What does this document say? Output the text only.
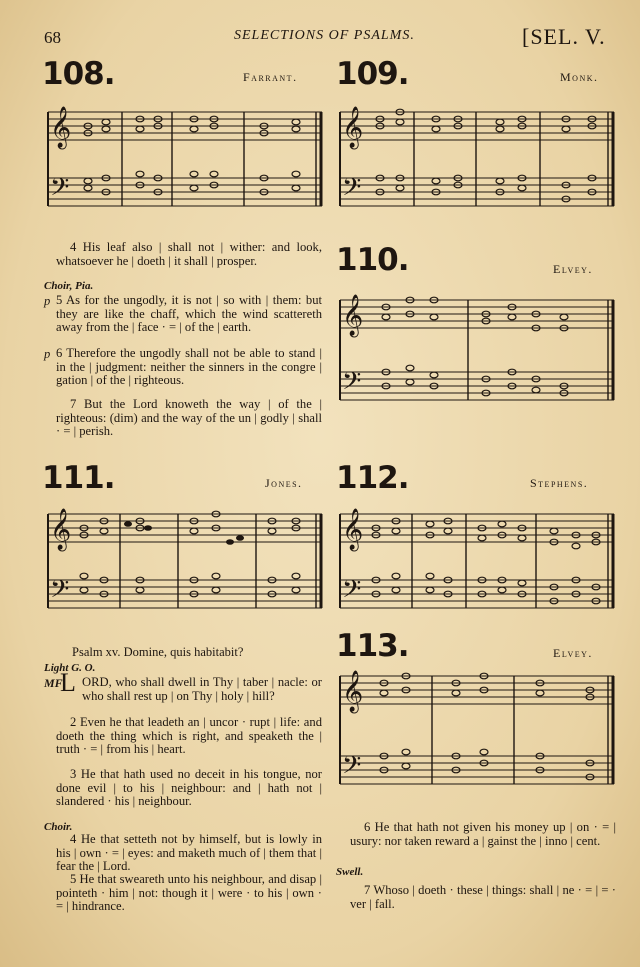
68	SELECTIONS OF PSALMS.	[SEL. V.
108.	Farrant.
𝄞
𝄢
109.	Monk.
𝄞
𝄢

4 His leaf also | shall not | wither: and look, whatsoever he | doeth | it shall | prosper.

Choir, Pia.
p 5 As for the ungodly, it is not | so with | them: but they are like the chaff, which the wind scattereth away from the | face · = | of the | earth.
p 6 Therefore the ungodly shall not be able to stand | in the | judgment: neither the sinners in the congre | gation | of the | righteous.

7 But the Lord knoweth the way | of the | righteous: (dim) and the way of the un | godly | shall · = | perish.

110.	Elvey.
𝄞
𝄢
111.	Jones.
𝄞
𝄢
112.	Stephens.
𝄞
𝄢
Psalm xv. Domine, quis habitabit?
Light G. O.
MF
L ORD, who shall dwell in Thy | taber | nacle: or who shall rest up | on Thy | holy | hill?

2 Even he that leadeth an | uncor · rupt | life: and doeth the thing which is right, and speaketh the | truth · = | from his | heart.

3 He that hath used no deceit in his tongue, nor done evil | to his | neighbour: and | hath not | slandered · his | neighbour.

Choir.

4 He that setteth not by himself, but is lowly in his | own · = | eyes: and maketh much of | them that | fear the | Lord.

5 He that sweareth unto his neighbour, and disap | pointeth · him | not: though it | were · to his | own · = | hindrance.

113.	Elvey.
𝄞
𝄢

6 He that hath not given his money up | on · = | usury: nor taken reward a | gainst the | inno | cent.

Swell.

7 Whoso | doeth · these | things: shall | ne · = | = · ver | fall.
